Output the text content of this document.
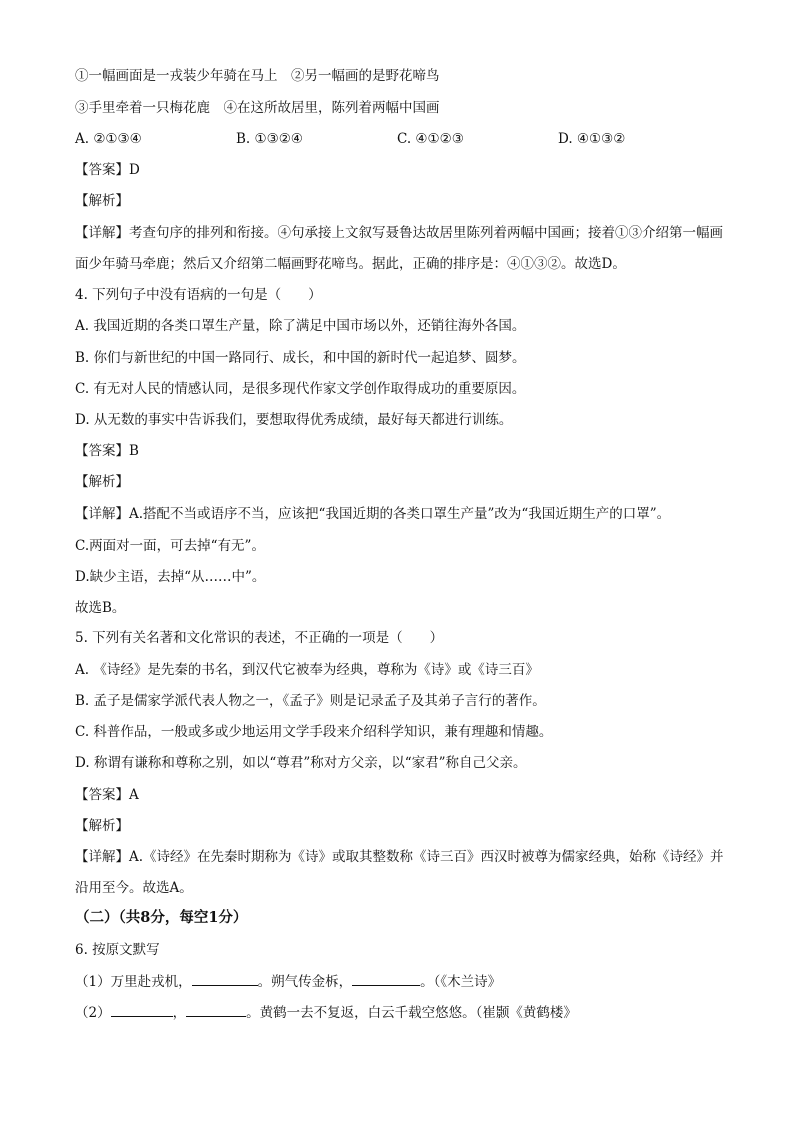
①一幅画面是一戎装少年骑在马上　②另一幅画的是野花啼鸟
③手里牵着一只梅花鹿　④在这所故居里，陈列着两幅中国画
A. ②①③④	B. ①③②④	C. ④①②③	D. ④①③②
【答案】D
【解析】
【详解】考查句序的排列和衔接。④句承接上文叙写聂鲁达故居里陈列着两幅中国画；接着①③介绍第一幅画面少年骑马牵鹿；然后又介绍第二幅画野花啼鸟。据此，正确的排序是：④①③②。故选D。
4. 下列句子中没有语病的一句是（　　）
A. 我国近期的各类口罩生产量，除了满足中国市场以外，还销往海外各国。
B. 你们与新世纪的中国一路同行、成长，和中国的新时代一起追梦、圆梦。
C. 有无对人民的情感认同，是很多现代作家文学创作取得成功的重要原因。
D. 从无数的事实中告诉我们，要想取得优秀成绩，最好每天都进行训练。
【答案】B
【解析】
【详解】A.搭配不当或语序不当，应该把“我国近期的各类口罩生产量”改为“我国近期生产的口罩”。
C.两面对一面，可去掉“有无”。
D.缺少主语，去掉“从……中”。
故选B。
5. 下列有关名著和文化常识的表述，不正确的一项是（　　）
A. 《诗经》是先秦的书名，到汉代它被奉为经典，尊称为《诗》或《诗三百》
B. 孟子是儒家学派代表人物之一，《孟子》则是记录孟子及其弟子言行的著作。
C. 科普作品，一般或多或少地运用文学手段来介绍科学知识，兼有理趣和情趣。
D. 称谓有谦称和尊称之别，如以“尊君”称对方父亲，以“家君”称自己父亲。
【答案】A
【解析】
【详解】A.《诗经》在先秦时期称为《诗》或取其整数称《诗三百》西汉时被尊为儒家经典，始称《诗经》并沿用至今。故选A。
（二）（共8分，每空1分）
6. 按原文默写
（1）万里赴戎机，	。朔气传金柝，	。（《木兰诗》
（2）	，	。黄鹤一去不复返，白云千载空悠悠。（崔颢《黄鹤楼》
